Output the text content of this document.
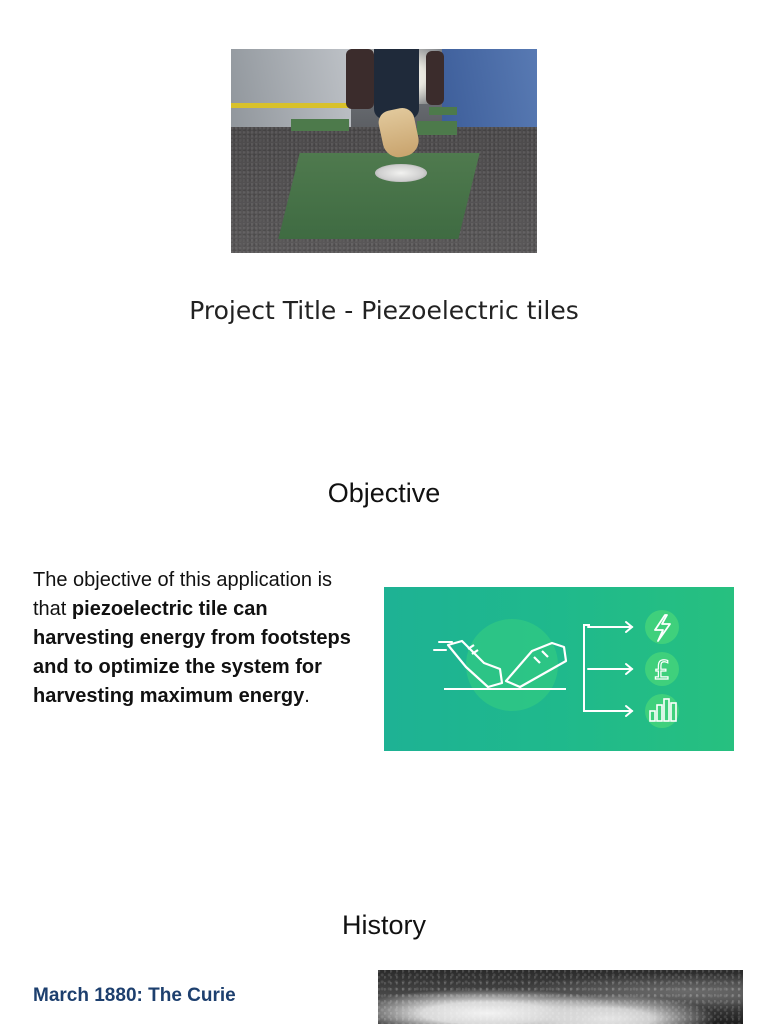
Project Title - Piezoelectric tiles
Objective
The objective of this application is that piezoelectric tile can harvesting energy from footsteps and to optimize the system for harvesting maximum energy.
£
History
March 1880: The Curie
